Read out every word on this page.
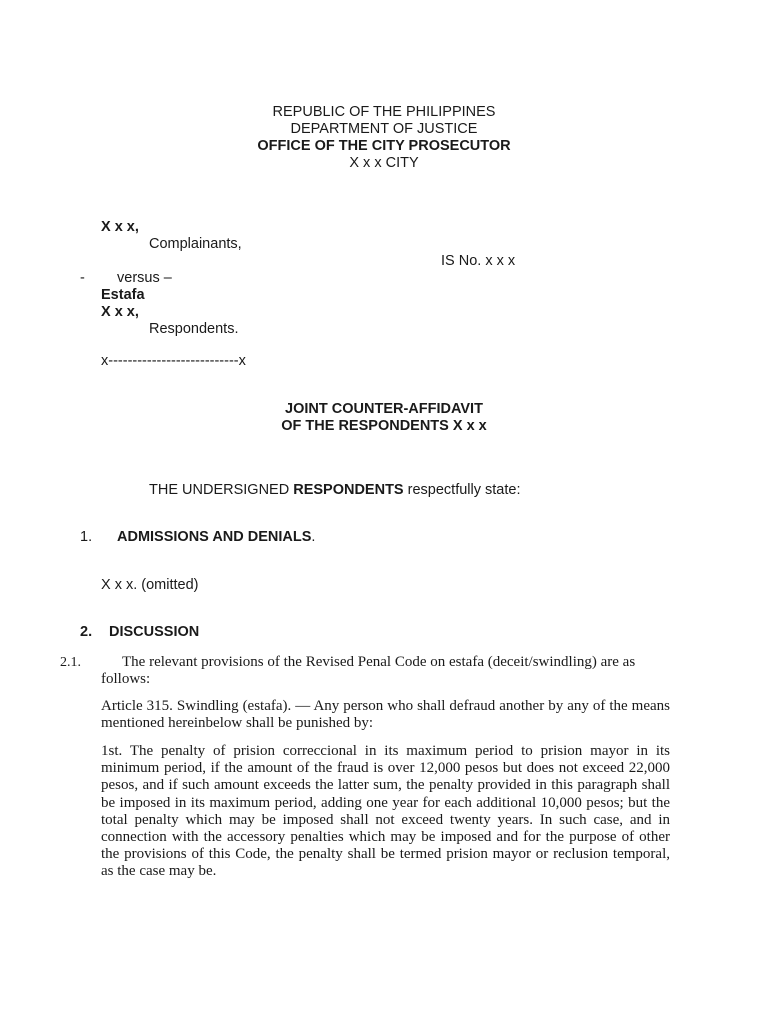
REPUBLIC OF THE PHILIPPINES
DEPARTMENT OF JUSTICE
OFFICE OF THE CITY PROSECUTOR
X x x CITY
X x x,
Complainants,
IS No. x x x
- versus –
Estafa
X x x,
Respondents.
x---------------------------x
JOINT COUNTER-AFFIDAVIT
OF THE RESPONDENTS X x x
THE UNDERSIGNED RESPONDENTS respectfully state:
1. ADMISSIONS AND DENIALS.
X x x. (omitted)
2. DISCUSSION
2.1.	The relevant provisions of the Revised Penal Code on estafa (deceit/swindling) are as
follows:
Article 315. Swindling (estafa). — Any person who shall defraud another by any of the means mentioned hereinbelow shall be punished by:
1st. The penalty of prision correccional in its maximum period to prision mayor in its minimum period, if the amount of the fraud is over 12,000 pesos but does not exceed 22,000 pesos, and if such amount exceeds the latter sum, the penalty provided in this paragraph shall be imposed in its maximum period, adding one year for each additional 10,000 pesos; but the total penalty which may be imposed shall not exceed twenty years. In such case, and in connection with the accessory penalties which may be imposed and for the purpose of other the provisions of this Code, the penalty shall be termed prision mayor or reclusion temporal, as the case may be.
